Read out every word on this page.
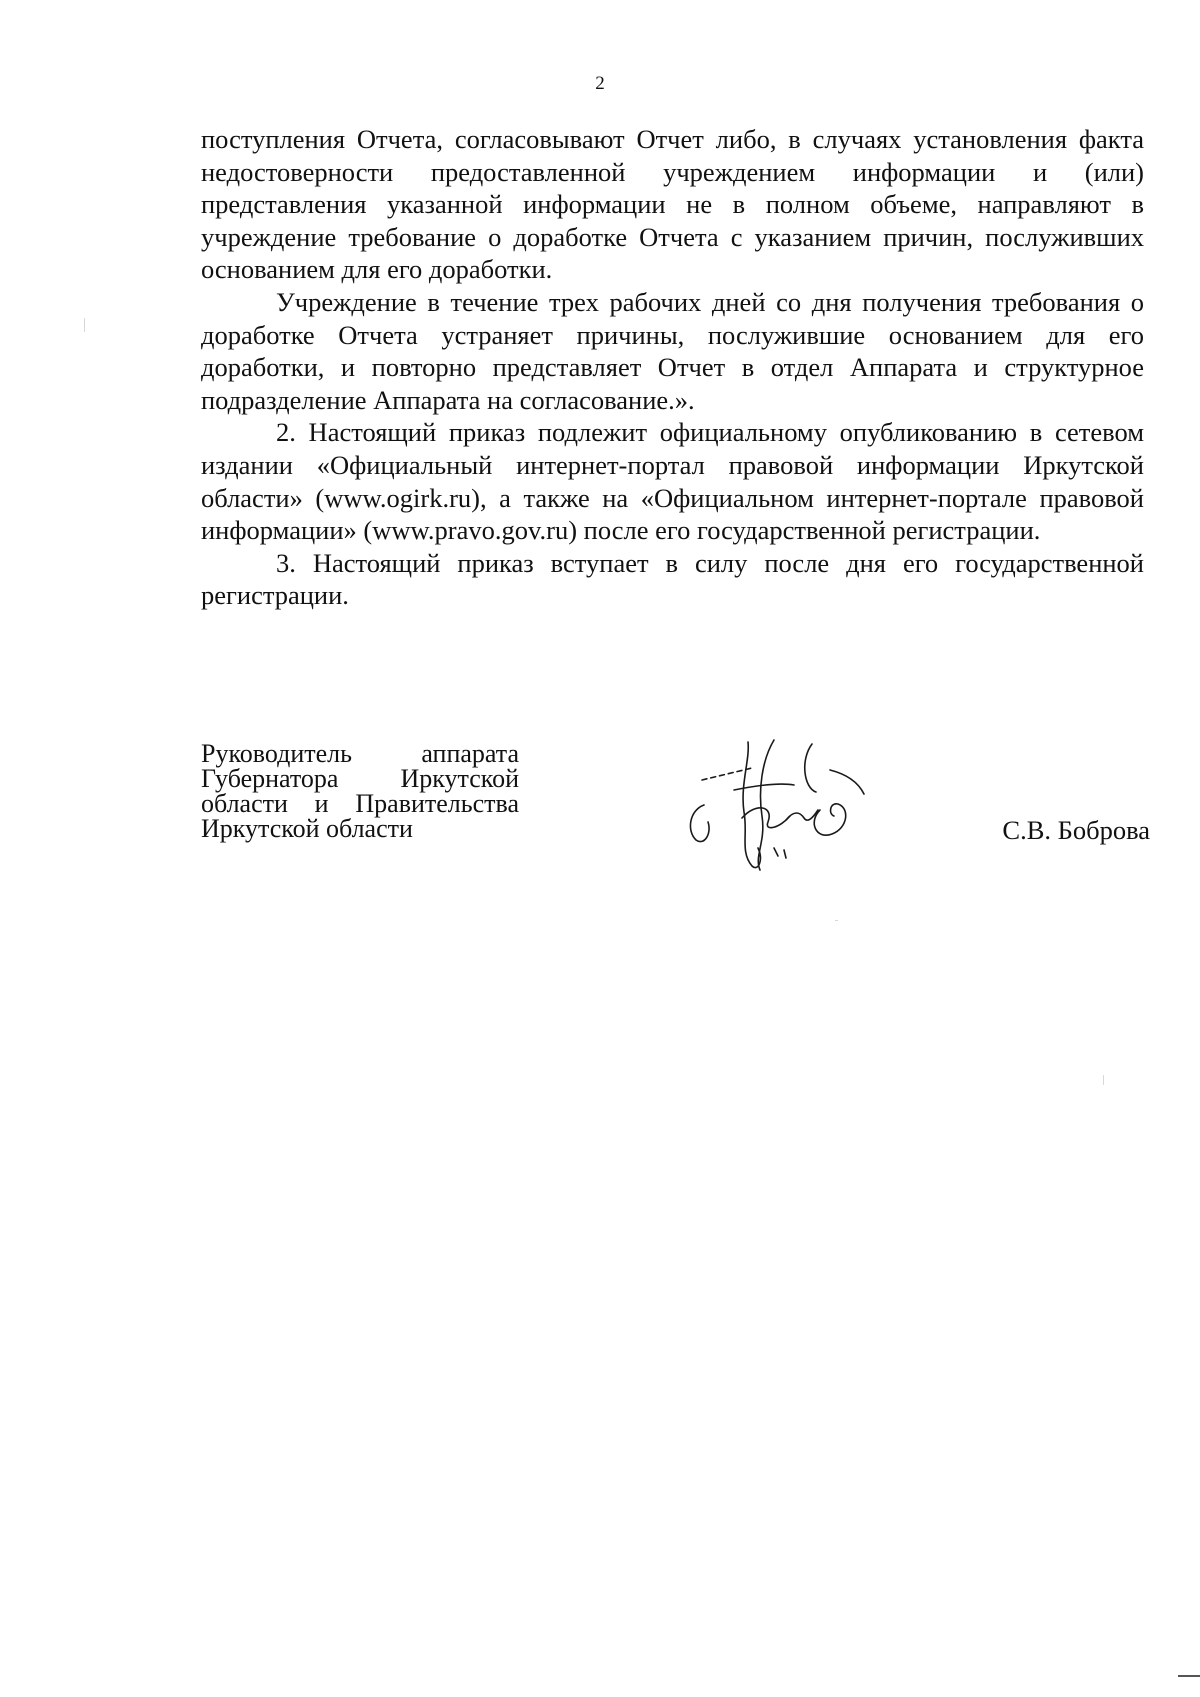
2

поступления Отчета, согласовывают Отчет либо, в случаях установления факта недостоверности предоставленной учреждением информации и (или) представления указанной информации не в полном объеме, направляют в учреждение требование о доработке Отчета с указанием причин, послуживших основанием для его доработки.

Учреждение в течение трех рабочих дней со дня получения требования о доработке Отчета устраняет причины, послужившие основанием для его доработки, и повторно представляет Отчет в отдел Аппарата и структурное подразделение Аппарата на согласование.».

2. Настоящий приказ подлежит официальному опубликованию в сетевом издании «Официальный интернет-портал правовой информации Иркутской области» (www.ogirk.ru), а также на «Официальном интернет-портале правовой информации» (www.pravo.gov.ru) после его государственной регистрации.

3. Настоящий приказ вступает в силу после дня его государственной регистрации.

Руководитель аппарата
Губернатора Иркутской
области и Правительства
Иркутской области	С.В. Боброва
